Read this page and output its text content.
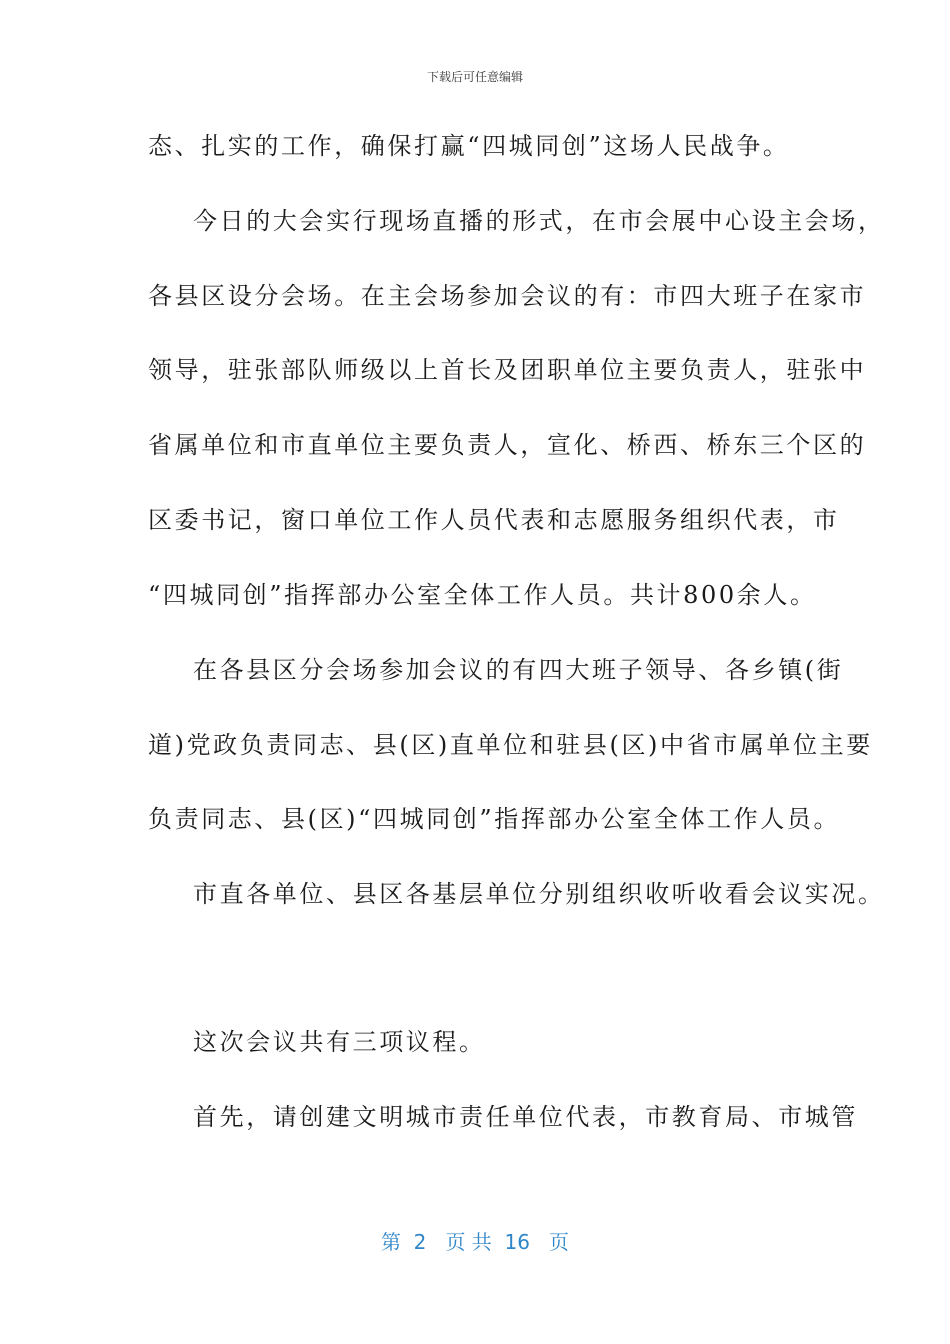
下载后可任意编辑
态、扎实的工作，确保打赢“四城同创”这场人民战争。
今日的大会实行现场直播的形式，在市会展中心设主会场，
各县区设分会场。在主会场参加会议的有：市四大班子在家市
领导，驻张部队师级以上首长及团职单位主要负责人，驻张中
省属单位和市直单位主要负责人，宣化、桥西、桥东三个区的
区委书记，窗口单位工作人员代表和志愿服务组织代表，市
“四城同创”指挥部办公室全体工作人员。共计800余人。
在各县区分会场参加会议的有四大班子领导、各乡镇(街
道)党政负责同志、县(区)直单位和驻县(区)中省市属单位主要
负责同志、县(区)“四城同创”指挥部办公室全体工作人员。
市直各单位、县区各基层单位分别组织收听收看会议实况。
这次会议共有三项议程。
首先，请创建文明城市责任单位代表，市教育局、市城管
第  2   页 共  16   页
